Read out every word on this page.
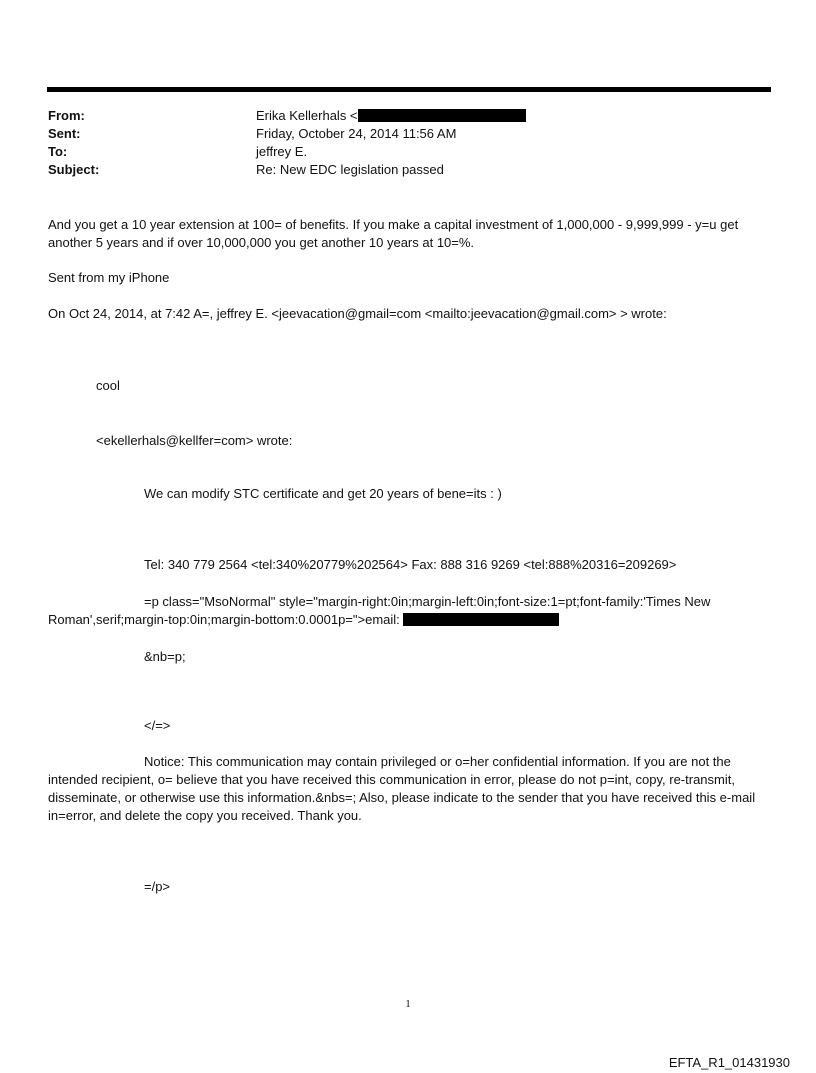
From:	Erika Kellerhals <
Sent:	Friday, October 24, 2014 11:56 AM
To:	jeffrey E.
Subject:	Re: New EDC legislation passed
And you get a 10 year extension at 100= of benefits. If you make a capital investment of 1,000,000 - 9,999,999 - y=u get another 5 years and if over 10,000,000 you get another 10 years at 10=%.
Sent from my iPhone
On Oct 24, 2014, at 7:42 A=, jeffrey E. <jeevacation@gmail=com <mailto:jeevacation@gmail.com> > wrote:
cool
<ekellerhals@kellfer=com> wrote:
We can modify STC certificate and get 20 years of bene=its : )
Tel: 340 779 2564 <tel:340%20779%202564> Fax: 888 316 9269 <tel:888%20316=209269>
=p class="MsoNormal" style="margin-right:0in;margin-left:0in;font-size:1=pt;font-family:'Times New Roman',serif;margin-top:0in;margin-bottom:0.0001p=">email:
&nb=p;
</=>
Notice: This communication may contain privileged or o=her confidential information. If you are not the intended recipient, o= believe that you have received this communication in error, please do not p=int, copy, re-transmit, disseminate, or otherwise use this information.&nbs=; Also, please indicate to the sender that you have received this e-mail in=error, and delete the copy you received. Thank you.
=/p>
1
EFTA_R1_01431930
